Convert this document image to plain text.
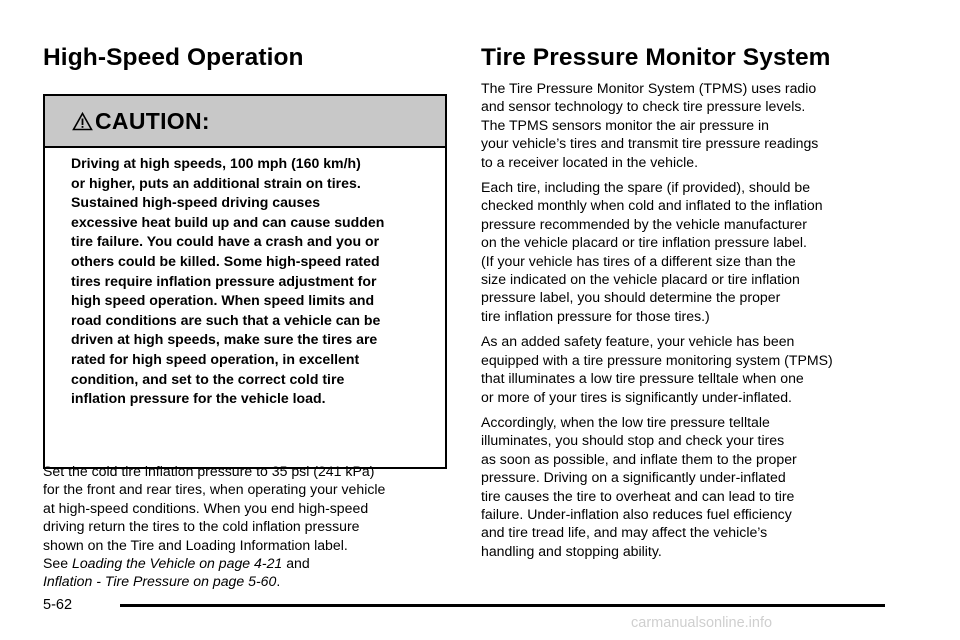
High-Speed Operation
CAUTION:

Driving at high speeds, 100 mph (160 km/h)
or higher, puts an additional strain on tires.
Sustained high-speed driving causes
excessive heat build up and can cause sudden
tire failure. You could have a crash and you or
others could be killed. Some high-speed rated
tires require inflation pressure adjustment for
high speed operation. When speed limits and
road conditions are such that a vehicle can be
driven at high speeds, make sure the tires are
rated for high speed operation, in excellent
condition, and set to the correct cold tire
inflation pressure for the vehicle load.

Set the cold tire inflation pressure to 35 psi (241 kPa)
for the front and rear tires, when operating your vehicle
at high-speed conditions. When you end high-speed
driving return the tires to the cold inflation pressure
shown on the Tire and Loading Information label.
See Loading the Vehicle on page 4-21 and
Inflation - Tire Pressure on page 5-60.

Tire Pressure Monitor System

The Tire Pressure Monitor System (TPMS) uses radio
and sensor technology to check tire pressure levels.
The TPMS sensors monitor the air pressure in
your vehicle’s tires and transmit tire pressure readings
to a receiver located in the vehicle.

Each tire, including the spare (if provided), should be
checked monthly when cold and inflated to the inflation
pressure recommended by the vehicle manufacturer
on the vehicle placard or tire inflation pressure label.
(If your vehicle has tires of a different size than the
size indicated on the vehicle placard or tire inflation
pressure label, you should determine the proper
tire inflation pressure for those tires.)

As an added safety feature, your vehicle has been
equipped with a tire pressure monitoring system (TPMS)
that illuminates a low tire pressure telltale when one
or more of your tires is significantly under-inflated.

Accordingly, when the low tire pressure telltale
illuminates, you should stop and check your tires
as soon as possible, and inflate them to the proper
pressure. Driving on a significantly under-inflated
tire causes the tire to overheat and can lead to tire
failure. Under-inflation also reduces fuel efficiency
and tire tread life, and may affect the vehicle’s
handling and stopping ability.

5-62
carmanualsonline.info
